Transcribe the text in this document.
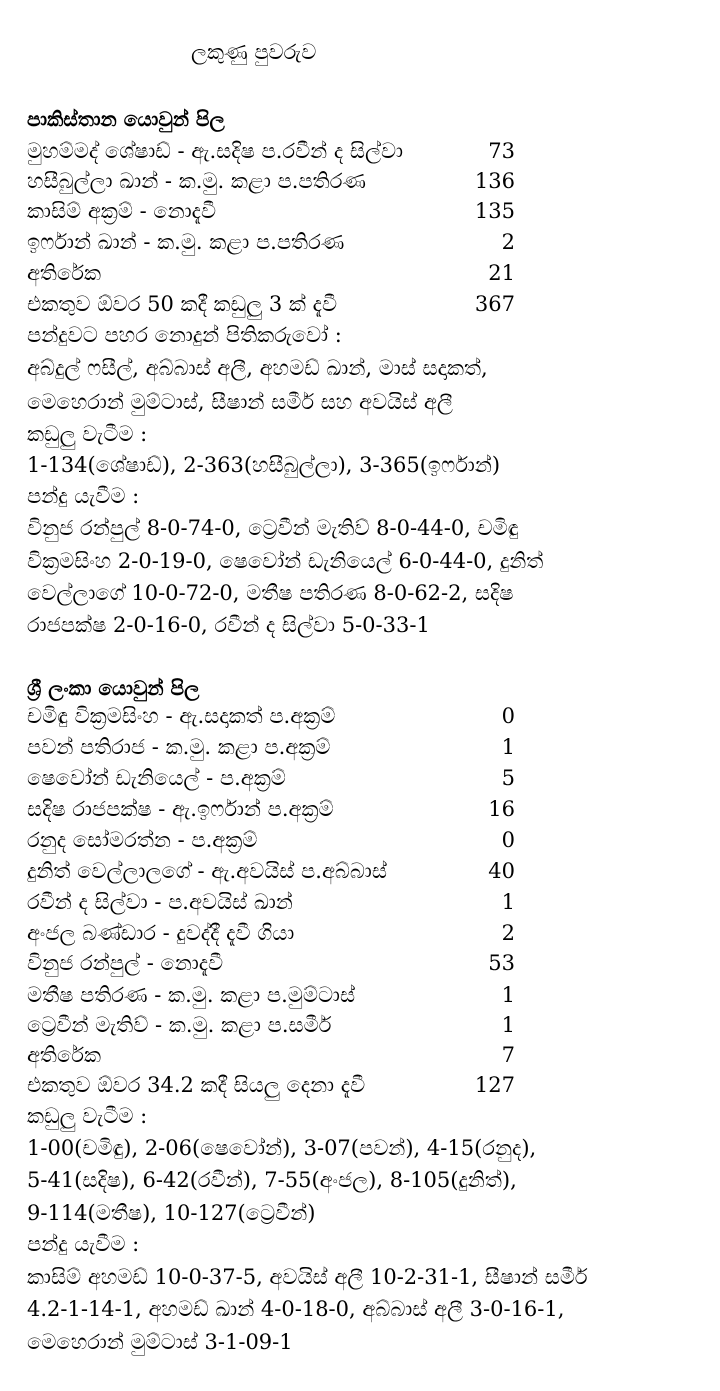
ලකුණු පුවරුව
පාකිස්තාන යොවුන් පිල
මුහම්මද් ශේෂාඩ් - ඇ.සදිෂ ප.රවීන් ද සිල්වා	73
හසීබුල්ලා ඛාන් - ක.මු. කළා ප.පතිරණ	136
කාසිම් අක්‍රම් - නොදැවී	135
ඉර්ෆාන් ඛාන් - ක.මු. කළා ප.පතිරණ	2
අතිරේක	21
එකතුව ඕවර 50 කදී කඩුලු 3 ක් දැවී	367
පන්දුවට පහර නොදුන් පිතිකරුවෝ :
අබ්දුල් ෆසීල්, අබ්බාස් අලී, අහමඩ් ඛාන්, මාස් සදාකත්,
මෙහෙරාන් මුම්ටාස්, සීෂාන් සමීර් සහ අවයිස් අලී
කඩුලු වැටීම :
1-134(ශේෂාඩ්), 2-363(හසීබුල්ලා), 3-365(ඉර්ෆාන්)
පන්දු යැවීම :
විනුජ රන්පුල් 8-0-74-0, ට්‍රෙවීන් මැතිව් 8-0-44-0, චමිඳු
වික්‍රමසිංහ 2-0-19-0, ෂෙවෝන් ඩැනියෙල් 6-0-44-0, දුනිත්
වෙල්ලාගේ 10-0-72-0, මතීෂ පතිරණ 8-0-62-2, සදිෂ
රාජපක්ෂ 2-0-16-0, රවීන් ද සිල්වා 5-0-33-1
ශ්‍රී ලංකා යොවුන් පිල
චමිඳු වික්‍රමසිංහ - ඇ.සදාකත් ප.අක්‍රම්	0
පවන් පතිරාජ - ක.මු. කළා ප.අක්‍රම්	1
ෂෙවෝන් ඩැනියෙල් - ප.අක්‍රම්	5
සදිෂ රාජපක්ෂ - ඇ.ඉර්ෆාන් ප.අක්‍රම්	16
රනුද සෝමරත්න - ප.අක්‍රම්	0
දුනිත් වෙල්ලාලගේ - ඇ.අවයිස් ප.අබ්බාස්	40
රවීන් ද සිල්වා - ප.අවයිස් ඛාන්	1
අංජල බණ්ඩාර - දුවද්දී දැවී ගියා	2
විනුජ රන්පුල් - නොදැවී	53
මතීෂ පතිරණ - ක.මු. කළා ප.මුම්ටාස්	1
ට්‍රෙවීන් මැතිව් - ක.මු. කළා ප.සමීර්	1
අතිරේක	7
එකතුව ඕවර 34.2 කදී සියලු දෙනා දැවී	127
කඩුලු වැටීම :
1-00(චමිඳු), 2-06(ෂෙවෝන්), 3-07(පවන්), 4-15(රනුද),
5-41(සදිෂ), 6-42(රවීන්), 7-55(අංජල), 8-105(දුනිත්),
9-114(මතීෂ), 10-127(ට්‍රෙවීන්)
පන්දු යැවීම :
කාසිම් අහමඩ් 10-0-37-5, අවයිස් අලී 10-2-31-1, සීෂාන් සමීර්
4.2-1-14-1, අහමඩ් ඛාන් 4-0-18-0, අබ්බාස් අලී 3-0-16-1,
මෙහෙරාන් මුම්ටාස් 3-1-09-1
